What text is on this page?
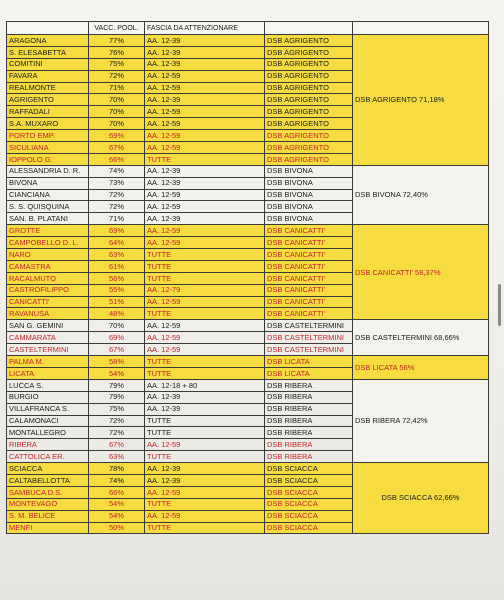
	VACC. POOL.	FASCIA DA ATTENZIONARE		
ARAGONA	77%	AA. 12-39	DSB AGRIGENTO	DSB AGRIGENTO 71,18%

S. ELESABETTA	76%	AA. 12-39	DSB AGRIGENTO	
COMITINI	75%	AA. 12-39	DSB AGRIGENTO	
FAVARA	72%	AA. 12-59	DSB AGRIGENTO	
REALMONTE	71%	AA. 12-59	DSB AGRIGENTO	
AGRIGENTO	70%	AA. 12-39	DSB AGRIGENTO	
RAFFADALI	70%	AA. 12-59	DSB AGRIGENTO	
S.A. MUXARO	70%	AA. 12-59	DSB AGRIGENTO	
PORTO EMP.	69%	AA. 12-59	DSB AGRIGENTO	
SICULIANA	67%	AA. 12-59	DSB AGRIGENTO	
IOPPOLO G.	66%	TUTTE	DSB AGRIGENTO	
ALESSANDRIA D. R.	74%	AA. 12-39	DSB BIVONA	DSB BIVONA 72,40%

BIVONA	73%	AA. 12-39	DSB BIVONA	
CIANCIANA	72%	AA. 12-59	DSB BIVONA	
S. S. QUISQUINA	72%	AA. 12-59	DSB BIVONA	
SAN. B. PLATANI	71%	AA. 12-39	DSB BIVONA	
GROTTE	69%	AA. 12-59	DSB CANICATTI'	DSB CANICATTI' 58,37%

CAMPOBELLO D. L.	64%	AA. 12-59	DSB CANICATTI'	
NARO	63%	TUTTE	DSB CANICATTI'	
CAMASTRA	61%	TUTTE	DSB CANICATTI'	
RACALMUTO	56%	TUTTE	DSB CANICATTI'	
CASTROFILIPPO	55%	AA. 12-79	DSB CANICATTI'	
CANICATTI'	51%	AA. 12-59	DSB CANICATTI'	
RAVANUSA	48%	TUTTE	DSB CANICATTI'	
SAN G. GEMINI	70%	AA. 12-59	DSB CASTELTERMINI	DSB CASTELTERMINI 68,66%

CAMMARATA	69%	AA. 12-59	DSB CASTELTERMINI	
CASTELTERMINI	67%	AA. 12-59	DSB CASTELTERMINI	
PALMA M.	58%	TUTTE	DSB LICATA	DSB LICATA 56%

LICATA	54%	TUTTE	DSB LICATA	
LUCCA S.	79%	AA. 12-18 + 80	DSB RIBERA	DSB RIBERA 72,42%

BURGIO	79%	AA. 12-39	DSB RIBERA	
VILLAFRANCA S.	75%	AA. 12-39	DSB RIBERA	
CALAMONACI	72%	TUTTE	DSB RIBERA	
MONTALLEGRO	72%	TUTTE	DSB RIBERA	
RIBERA	67%	AA. 12-59	DSB RIBERA	
CATTOLICA ER.	63%	TUTTE	DSB RIBERA	
SCIACCA	78%	AA. 12-39	DSB SCIACCA	DSB SCIACCA 62,66%

CALTABELLOTTA	74%	AA. 12-39	DSB SCIACCA	
SAMBUCA D.S.	66%	AA. 12-59	DSB SCIACCA	
MONTEVAGO	54%	TUTTE	DSB SCIACCA	
S. M. BELICE	54%	AA. 12-59	DSB SCIACCA	
MENFI	50%	TUTTE	DSB SCIACCA	
